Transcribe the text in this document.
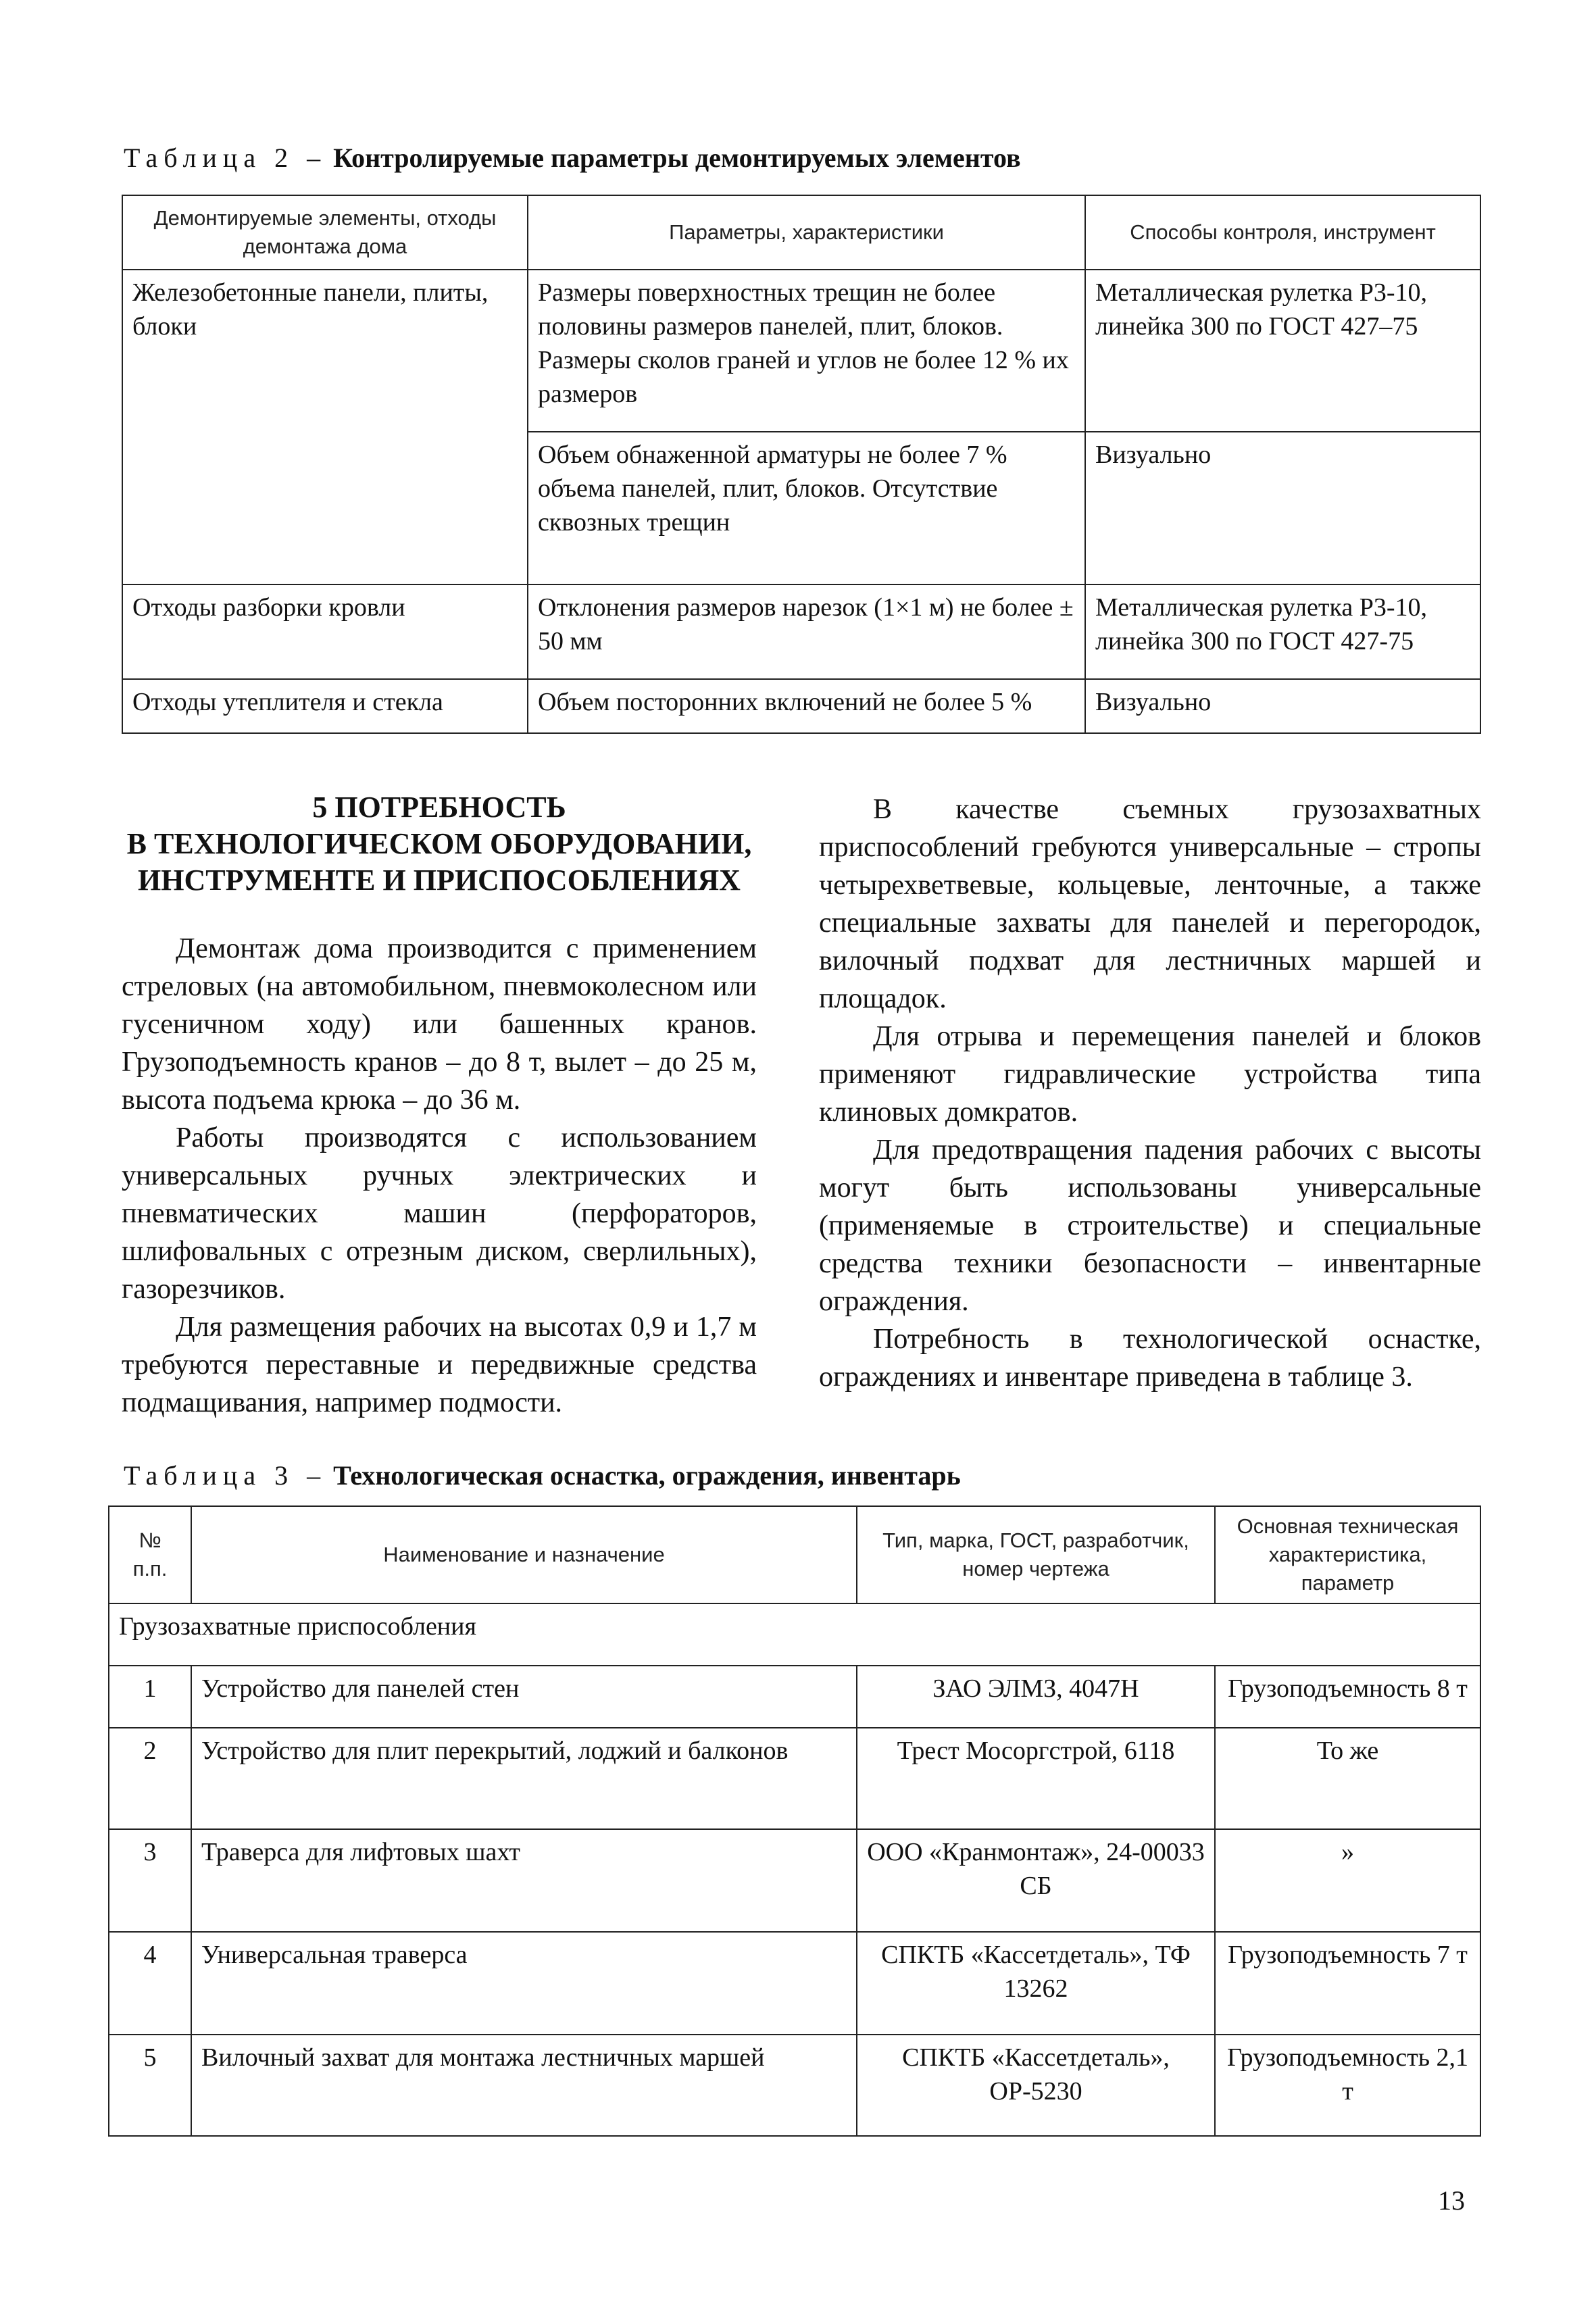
Таблица 2 – Контролируемые параметры демонтируемых элементов
Демонтируемые элементы, отходы демонтажа дома	Параметры, характеристики	Способы контроля, инструмент
Железобетонные панели, плиты, блоки	Размеры поверхностных трещин не более половины размеров панелей, плит, блоков. Размеры сколов граней и углов не более 12 % их размеров	Металлическая рулетка Р3-10, линейка 300 по ГОСТ 427–75
	Объем обнаженной арматуры не более 7 % объема панелей, плит, блоков. Отсутствие сквозных трещин	Визуально
Отходы разборки кровли	Отклонения размеров нарезок (1×1 м) не более ± 50 мм	Металлическая рулетка Р3-10, линейка 300 по ГОСТ 427-75
Отходы утеплителя и стекла	Объем посторонних включений не более 5 %	Визуально
5 ПОТРЕБНОСТЬ
В ТЕХНОЛОГИЧЕСКОМ ОБОРУДОВАНИИ,
ИНСТРУМЕНТЕ И ПРИСПОСОБЛЕНИЯХ

Демонтаж дома производится с применением стреловых (на автомобильном, пневмоколесном или гусеничном ходу) или башенных кранов. Грузоподъемность кранов – до 8 т, вылет – до 25 м, высота подъема крюка – до 36 м.

Работы производятся с использованием универсальных ручных электрических и пневматических машин (перфораторов, шлифовальных с отрезным диском, сверлильных), газорезчиков.

Для размещения рабочих на высотах 0,9 и 1,7 м требуются переставные и передвижные средства подмащивания, например подмости.

В качестве съемных грузозахватных приспособлений гребуются универсальные – стропы четырехветвевые, кольцевые, ленточные, а также специальные захваты для панелей и перегородок, вилочный подхват для лестничных маршей и площадок.

Для отрыва и перемещения панелей и блоков применяют гидравлические устройства типа клиновых домкратов.

Для предотвращения падения рабочих с высоты могут быть использованы универсальные (применяемые в строительстве) и специальные средства техники безопасности – инвентарные ограждения.

Потребность в технологической оснастке, ограждениях и инвентаре приведена в таблице 3.

Таблица 3 – Технологическая оснастка, ограждения, инвентарь
№ п.п.	Наименование и назначение	Тип, марка, ГОСТ, разработчик, номер чертежа	Основная техническая характеристика, параметр
Грузозахватные приспособления			
1	Устройство для панелей стен	ЗАО ЭЛМЗ, 4047Н	Грузоподъемность 8 т
2	Устройство для плит перекрытий, лоджий и балконов	Трест Мосоргстрой, 6118	То же
3	Траверса для лифтовых шахт	ООО «Кранмонтаж», 24-00033 СБ	»
4	Универсальная траверса	СПКТБ «Кассетдеталь», ТФ 13262	Грузоподъемность 7 т
5	Вилочный захват для монтажа лестничных маршей	СПКТБ «Кассетдеталь», ОР-5230	Грузоподъемность 2,1 т
13
